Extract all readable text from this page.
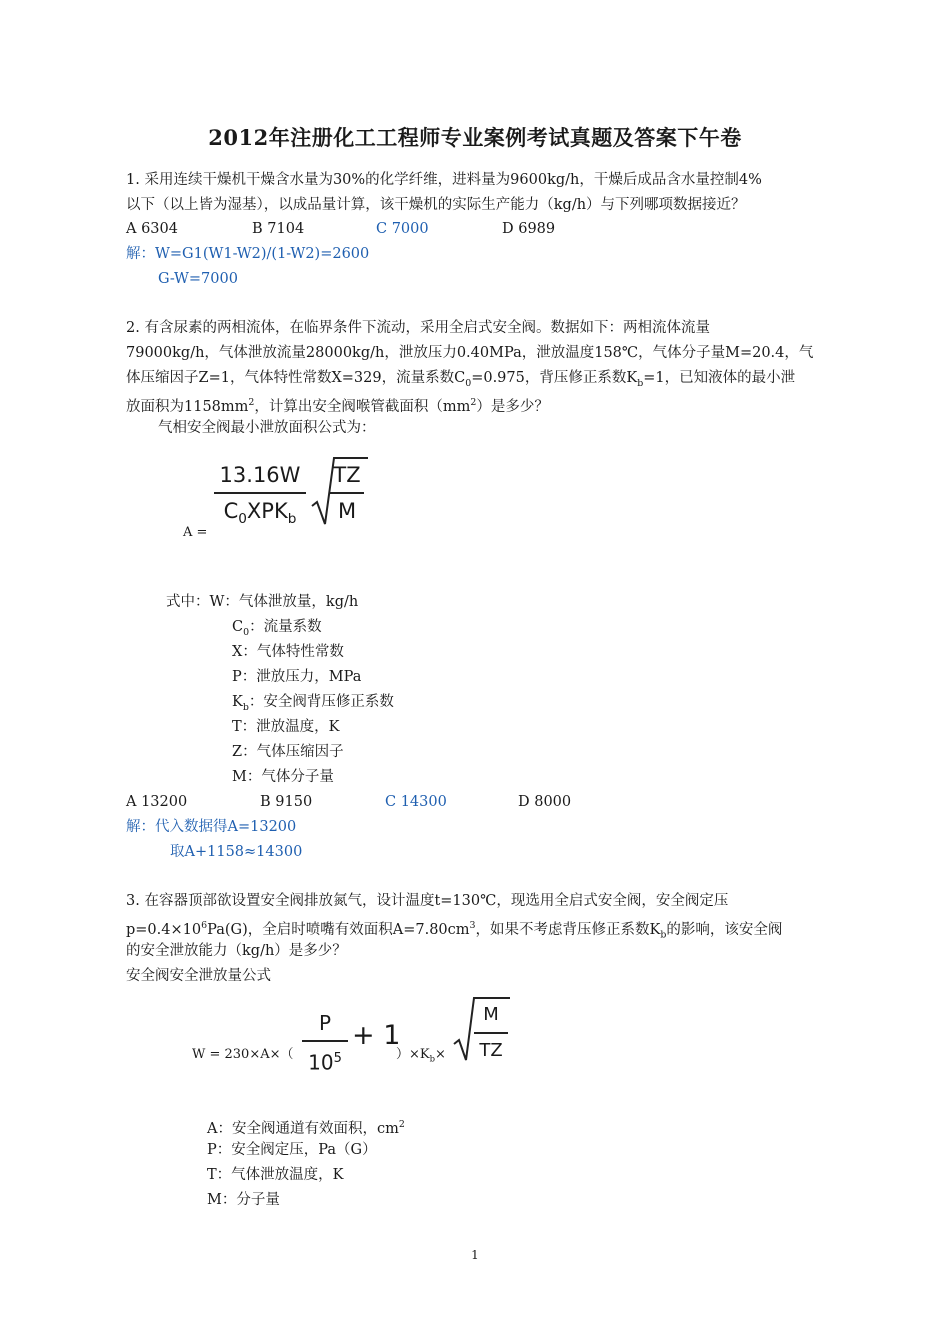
2012年注册化工工程师专业案例考试真题及答案下午卷
1. 采用连续干燥机干燥含水量为30%的化学纤维，进料量为9600kg/h，干燥后成品含水量控制4%
以下（以上皆为湿基），以成品量计算，该干燥机的实际生产能力（kg/h）与下列哪项数据接近？
A 6304	B 7104	C 7000	D 6989
解：W=G1(W1-W2)/(1-W2)=2600
G-W=7000
2. 有含尿素的两相流体，在临界条件下流动，采用全启式安全阀。数据如下：两相流体流量
79000kg/h，气体泄放流量28000kg/h，泄放压力0.40MPa，泄放温度158℃，气体分子量M=20.4，气
体压缩因子Z=1，气体特性常数X=329，流量系数$C_0=0.975$，背压修正系数$K_b=1$，已知液体的最小泄
放面积为$1158mm^2$，计算出安全阀喉管截面积$(mm^2)$是多少？
气相安全阀最小泄放面积公式为：
13.16W
$C_0XPK_b$
TZ
M
A =
式中：W：气体泄放量，kg/h
$C_0$：流量系数
X：气体特性常数
P：泄放压力，MPa
$K_b$：安全阀背压修正系数
T：泄放温度，K
Z：气体压缩因子
M：气体分子量
A 13200	B 9150	C 14300	D 8000
解：代入数据得A=13200
取A+1158≈14300
3. 在容器顶部欲设置安全阀排放氮气，设计温度t=130℃，现选用全启式安全阀，安全阀定压
$p=0.4\times 10^6Pa(G)$，全启时喷嘴有效面积$A=7.80cm^3$，如果不考虑背压修正系数$K_b$的影响，该安全阀
的安全泄放能力（kg/h）是多少？
安全阀安全泄放量公式
W = 230×A×（
P
$10^5$
+ 1
）$\times K_b\times$
M
TZ
A：安全阀通道有效面积，$cm^2$
P：安全阀定压，Pa（G）
T：气体泄放温度，K
M：分子量
1
